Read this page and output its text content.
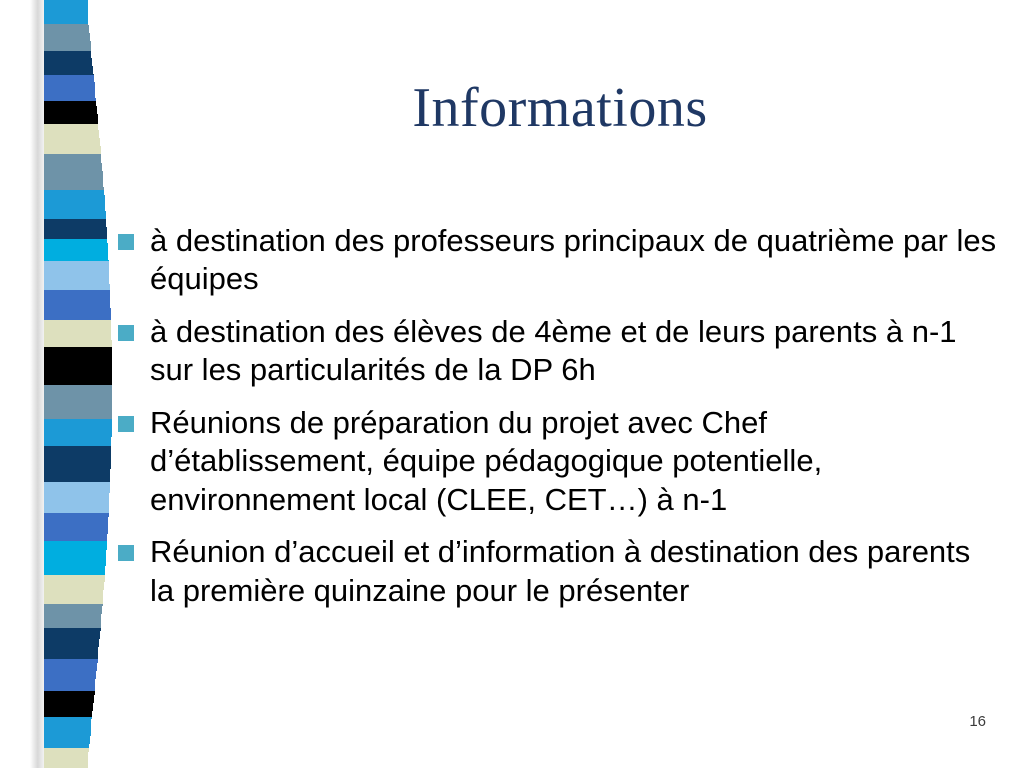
Informations
à destination des professeurs principaux de quatrième par les équipes
à destination des élèves de 4ème et de leurs parents à n-1 sur les particularités de la DP 6h
Réunions de préparation du projet avec Chef d’établissement, équipe pédagogique potentielle, environnement local (CLEE, CET…) à n-1
Réunion d’accueil et d’information à destination des parents la première quinzaine pour le présenter
16
